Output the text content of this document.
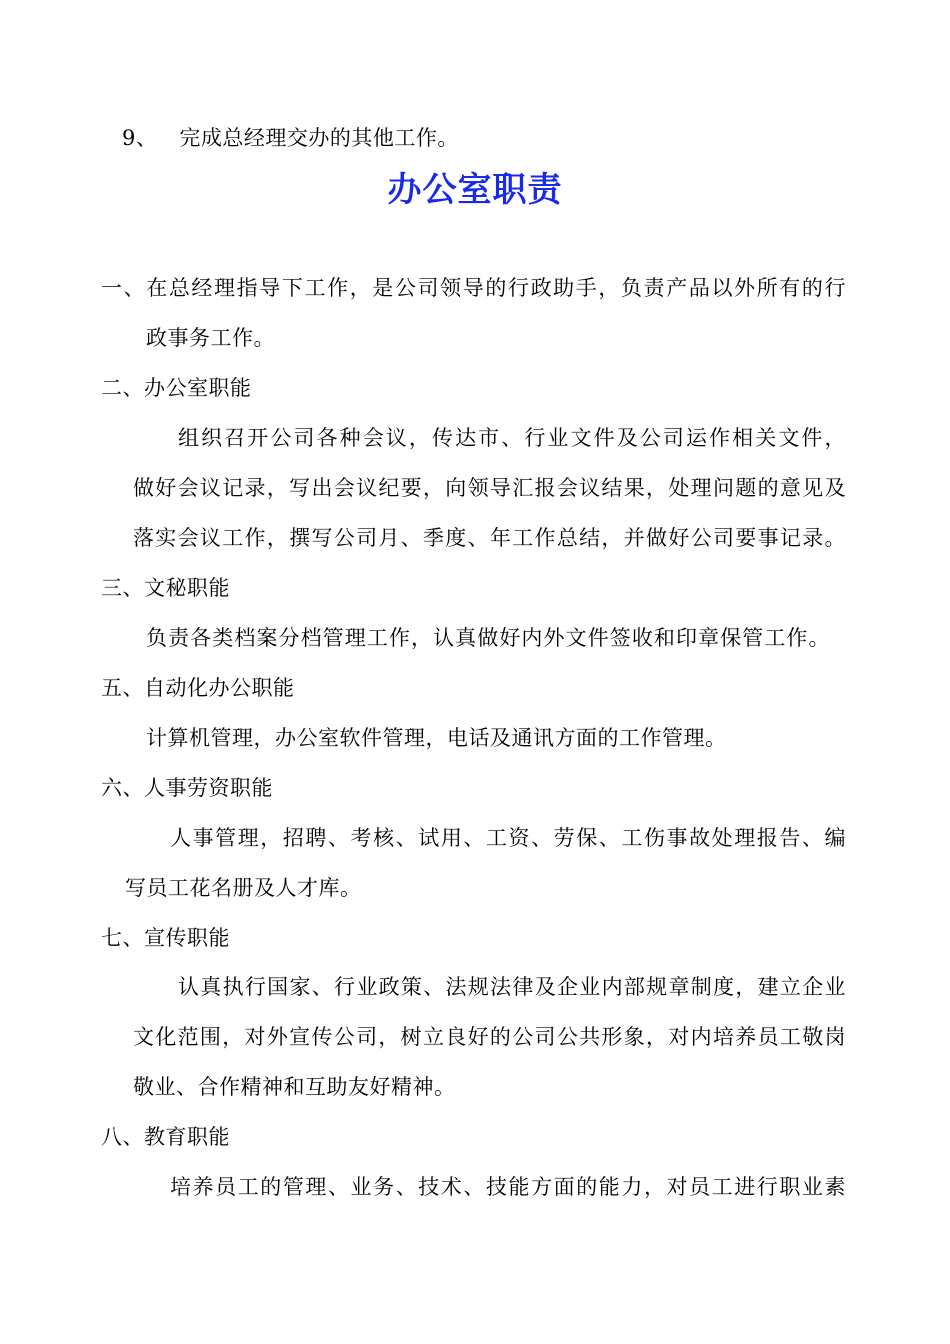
9、 完成总经理交办的其他工作。
办公室职责
一、在总经理指导下工作，是公司领导的行政助手，负责产品以外所有的行
政事务工作。
二、办公室职能
组织召开公司各种会议，传达市、行业文件及公司运作相关文件，
做好会议记录，写出会议纪要，向领导汇报会议结果，处理问题的意见及
落实会议工作，撰写公司月、季度、年工作总结，并做好公司要事记录。
三、文秘职能
负责各类档案分档管理工作，认真做好内外文件签收和印章保管工作。
五、自动化办公职能
计算机管理，办公室软件管理，电话及通讯方面的工作管理。
六、人事劳资职能
人事管理，招聘、考核、试用、工资、劳保、工伤事故处理报告、编
写员工花名册及人才库。
七、宣传职能
认真执行国家、行业政策、法规法律及企业内部规章制度，建立企业
文化范围，对外宣传公司，树立良好的公司公共形象，对内培养员工敬岗
敬业、合作精神和互助友好精神。
八、教育职能
培养员工的管理、业务、技术、技能方面的能力，对员工进行职业素
